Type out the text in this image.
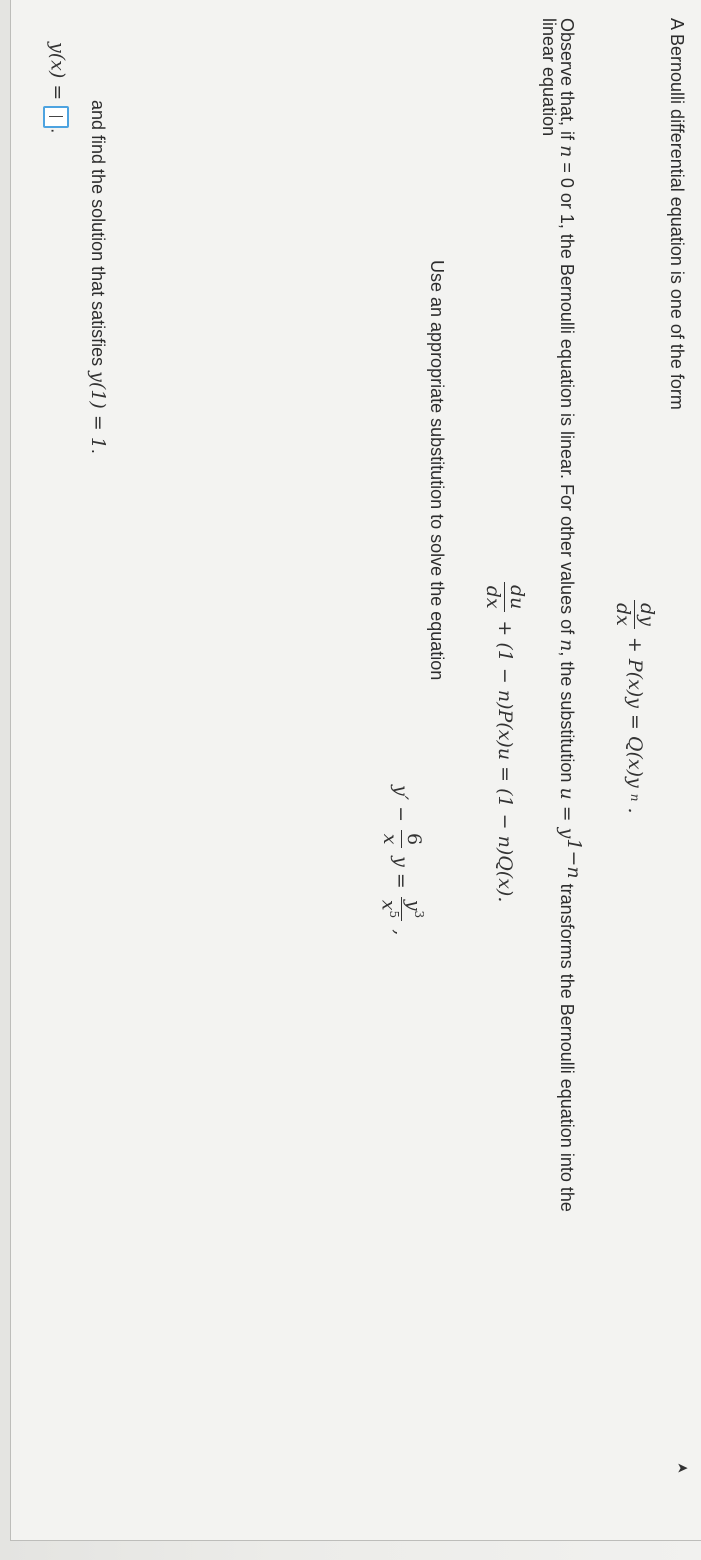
A Bernoulli differential equation is one of the form
dy
dx
+ P(x)y = Q(x)y
n
.
Observe that, if n = 0 or 1, the Bernoulli equation is linear. For other values of n, the substitution $u = y^{1-n}$ transforms the Bernoulli equation into the
linear equation
du
dx
+ (1 − n)P(x)u = (1 − n)Q(x).
Use an appropriate substitution to solve the equation
y′ −
6
x
y =
$y^3$
$x^5$
,
and find the solution that satisfies y(1) = 1.
y(x) =.
➤
